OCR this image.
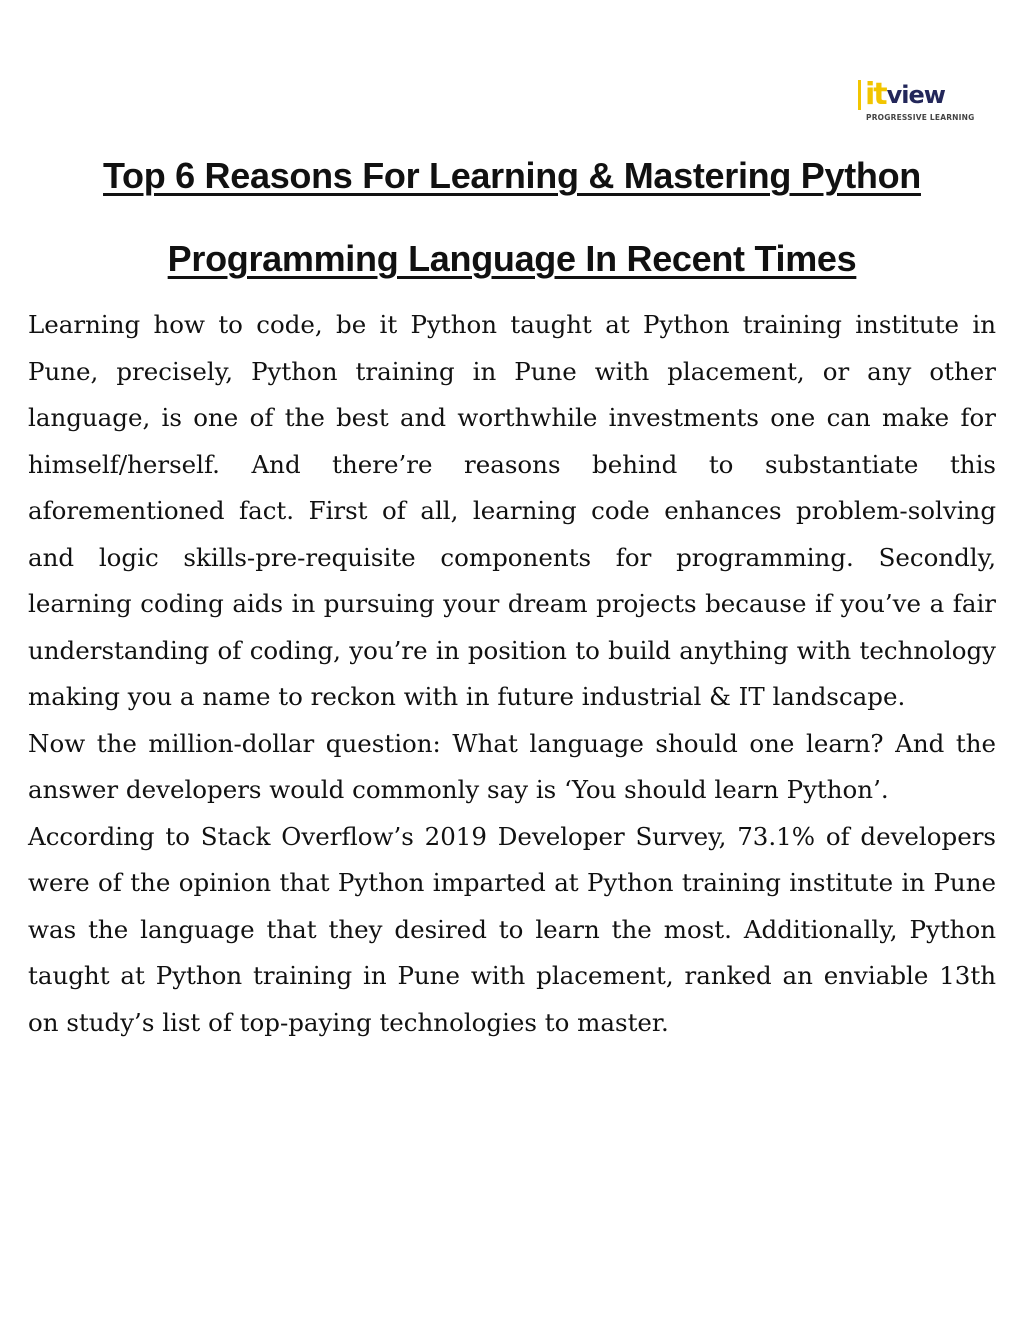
it view
PROGRESSIVE LEARNING
Top 6 Reasons For Learning & Mastering Python Programming Language In Recent Times

Learning how to code, be it Python taught at Python training institute in Pune, precisely, Python training in Pune with placement, or any other language, is one of the best and worthwhile investments one can make for himself/herself. And there’re reasons behind to substantiate this aforementioned fact. First of all, learning code enhances problem-solving and logic skills-pre-requisite components for programming. Secondly, learning coding aids in pursuing your dream projects because if you’ve a fair understanding of coding, you’re in position to build anything with technology making you a name to reckon with in future industrial & IT landscape.

Now the million-dollar question: What language should one learn? And the answer developers would commonly say is ‘You should learn Python’.

According to Stack Overflow’s 2019 Developer Survey, 73.1% of developers were of the opinion that Python imparted at Python training institute in Pune was the language that they desired to learn the most. Additionally, Python taught at Python training in Pune with placement, ranked an enviable 13th on study’s list of top-paying technologies to master.
